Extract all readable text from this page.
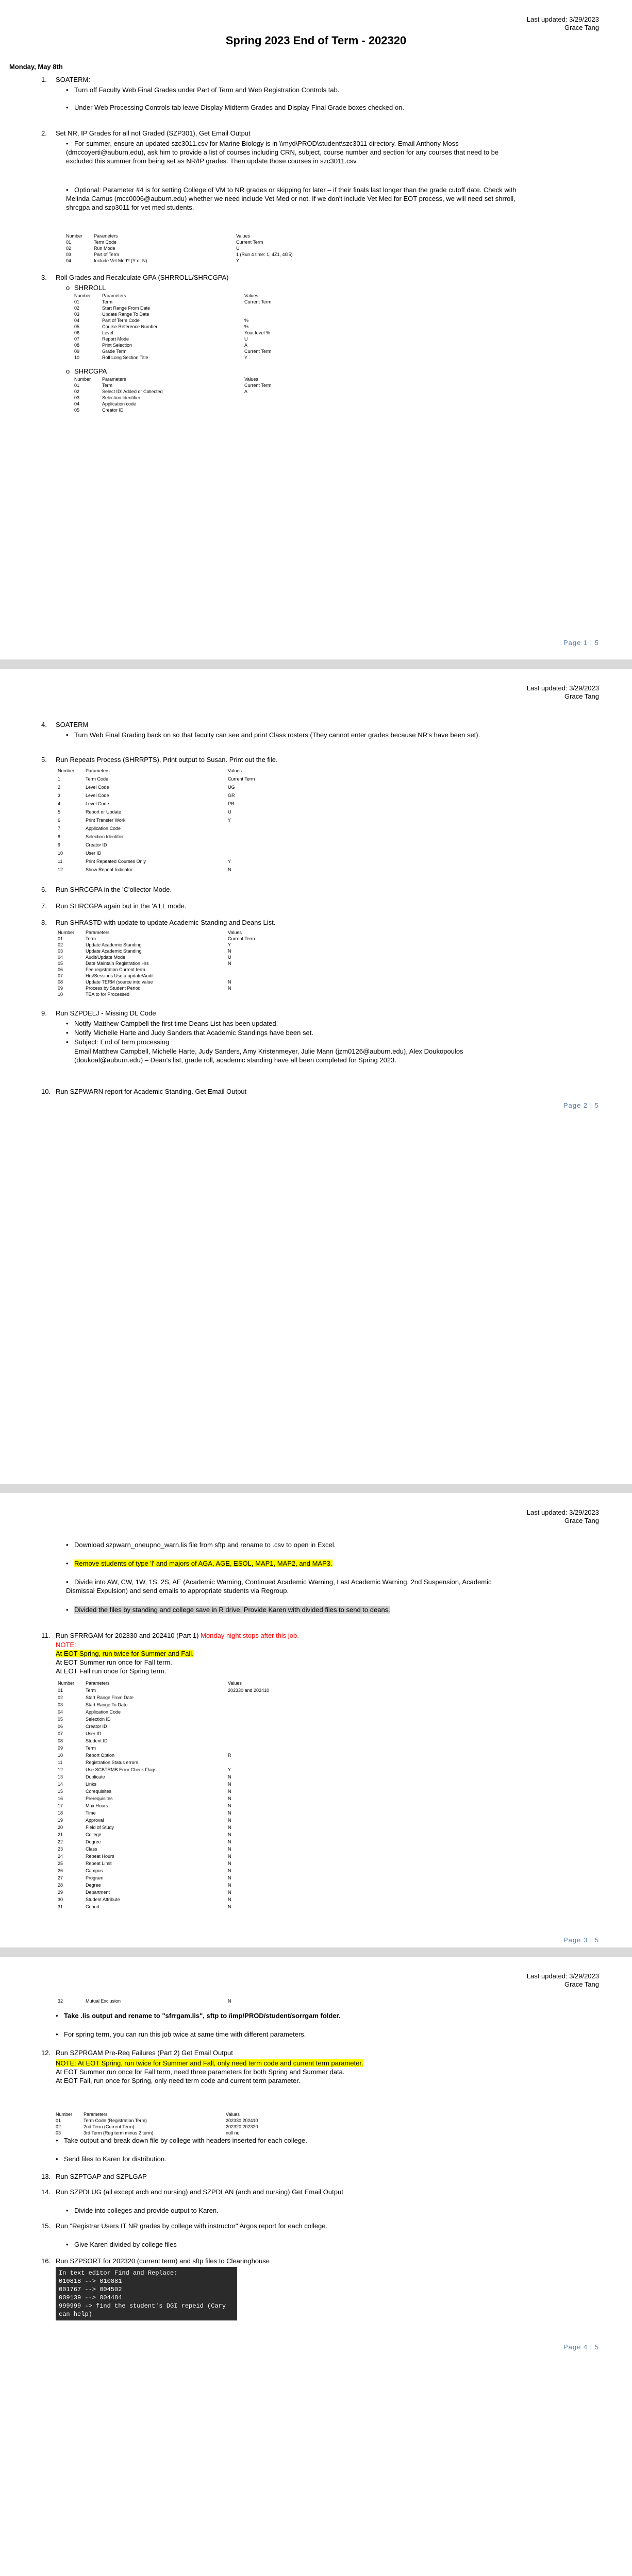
Last updated: 3/29/2023
Grace Tang
Spring 2023 End of Term - 202320
Monday, May 8th
1. SOATERM:
• Turn off Faculty Web Final Grades under Part of Term and Web Registration Controls tab.
• Under Web Processing Controls tab leave Display Midterm Grades and Display Final Grade boxes checked on.
2. Set NR, IP Grades for all not Graded (SZP301), Get Email Output
• For summer, ensure an updated szc3011.csv for Marine Biology is in \\myd\PROD\student\szc3011 directory. Email Anthony Moss (dmccoyerti@auburn.edu), ask him to provide a list of courses including CRN, subject, course number and section for any courses that need to be excluded this summer from being set as NR/IP grades. Then update those courses in szc3011.csv.
• Optional: Parameter #4 is for setting College of VM to NR grades or skipping for later – if their finals last longer than the grade cutoff date. Check with Melinda Camus (mcc0006@auburn.edu) whether we need include Vet Med or not. If we don't include Vet Med for EOT process, we will need set shrroll, shrcgpa and szp3011 for vet med students.
Number	Parameters	Values
01	Term Code	Current Term
02	Run Mode	U
03	Part of Term	1 (Run 4 time: 1, 4Z1, 4G5)
04	Include Vet Med? (Y or N)	Y
3. Roll Grades and Recalculate GPA (SHRROLL/SHRCGPA)
o SHRROLL
Number	Parameters	Values
01	Term	Current Term
02	Start Range From Date	
03	Update Range To Date	
04	Part of Term Code	%
05	Course Reference Number	%
06	Level	Your level %
07	Report Mode	U
08	Print Selection	A
09	Grade Term	Current Term
10	Roll Long Section Title	Y
o SHRCGPA
Number	Parameters	Values
01	Term	Current Term
02	Select ID: Added or Collected	A
03	Selection Identifier	
04	Application code	
05	Creator ID	
Page 1 | 5
Last updated: 3/29/2023
Grace Tang
4. SOATERM
• Turn Web Final Grading back on so that faculty can see and print Class rosters (They cannot enter grades because NR's have been set).
5. Run Repeats Process (SHRRPTS), Print output to Susan. Print out the file.
Number	Parameters	Values
1	Term Code	Current Term
2	Level Code	UG
3	Level Code	GR
4	Level Code	PR
5	Report or Update	U
6	Print Transfer Work	Y
7	Application Code	
8	Selection Identifier	
9	Creator ID	
10	User ID	
11	Print Repeated Courses Only	Y
12	Show Repeat Indicator	N
6. Run SHRCGPA in the 'C'ollector Mode.
7. Run SHRCGPA again but in the 'A'LL mode.
8. Run SHRASTD with update to update Academic Standing and Deans List.
Number	Parameters	Values
01	Term	Current Term
02	Update Academic Standing	Y
03	Update Academic Standing	N
04	Audit/Update Mode	U
05	Date Maintain Registration Hrs	N
06	Fee registration Current term	
07	Hrs/Sessions Use a update/Audit	
08	Update TERM (source into value	N
09	Process by Student Period	N
10	TEA to for Processed	
9. Run SZPDELJ - Missing DL Code
• Notify Matthew Campbell the first time Deans List has been updated.
• Notify Michelle Harte and Judy Sanders that Academic Standings have been set.
• Subject: End of term processing
Email Matthew Campbell, Michelle Harte, Judy Sanders, Amy Kristenmeyer, Julie Mann (jzm0126@auburn.edu), Alex Doukopoulos (doukoal@auburn.edu) – Dean's list, grade roll, academic standing have all been completed for Spring 2023.
10. Run SZPWARN report for Academic Standing. Get Email Output
Page 2 | 5
Last updated: 3/29/2023
Grace Tang
• Download szpwarn_oneupno_warn.lis file from sftp and rename to .csv to open in Excel.
• Remove students of type 'l' and majors of AGA, AGE, ESOL, MAP1, MAP2, and MAP3.
• Divide into AW, CW, 1W, 1S, 2S, AE (Academic Warning, Continued Academic Warning, Last Academic Warning, 2nd Suspension, Academic Dismissal Expulsion) and send emails to appropriate students via Regroup.
• Divided the files by standing and college save in R drive. Provide Karen with divided files to send to deans.
11. Run SFRRGAM for 202330 and 202410 (Part 1) Monday night stops after this job.
NOTE:
At EOT Spring, run twice for Summer and Fall.
At EOT Summer run once for Fall term.
At EOT Fall run once for Spring term.
Number	Parameters	Values
01	Term	202330 and 202410
02	Start Range From Date	
03	Start Range To Date	
04	Application Code	
05	Selection ID	
06	Creator ID	
07	User ID	
08	Student ID	
09	Term	
10	Report Option	R
11	Registration Status errors	
12	Use SCBTRMB Error Check Flags	Y
13	Duplicate	N
14	Links	N
15	Corequisites	N
16	Prerequisites	N
17	Max Hours	N
18	Time	N
19	Approval	N
20	Field of Study	N
21	College	N
22	Degree	N
23	Class	N
24	Repeat Hours	N
25	Repeat Limit	N
26	Campus	N
27	Program	N
28	Degree	N
29	Department	N
30	Student Attribute	N
31	Cohort	N
Page 3 | 5
Last updated: 3/29/2023
Grace Tang
32	Mutual Exclusion	N
• Take .lis output and rename to "sfrrgam.lis", sftp to /imp/PROD/student/sorrgam folder.
• For spring term, you can run this job twice at same time with different parameters.
12. Run SZPRGAM Pre-Req Failures (Part 2) Get Email Output
NOTE: At EOT Spring, run twice for Summer and Fall, only need term code and current term parameter.
At EOT Summer run once for Fall term, need three parameters for both Spring and Summer data.
At EOT Fall, run once for Spring, only need term code and current term parameter.
Number	Parameters	Values
01	Term Code (Registration Term)	202330 202410
02	2nd Term (Current Term)	202320 202320
03	3rd Term (Reg term minus 2 term)	null null
• Take output and break down file by college with headers inserted for each college.
• Send files to Karen for distribution.
13. Run SZPTGAP and SZPLGAP
14. Run SZPDLUG (all except arch and nursing) and SZPDLAN (arch and nursing) Get Email Output
• Divide into colleges and provide output to Karen.
15. Run "Registrar Users IT NR grades by college with instructor" Argos report for each college.
• Give Karen divided by college files
16. Run SZPSORT for 202320 (current term) and sftp files to Clearinghouse
In text editor Find and Replace:
010818 --> 010881
001767 --> 004502
009139 --> 004484
999999 -> find the student's DGI repeid (Cary can help)
Page 4 | 5
